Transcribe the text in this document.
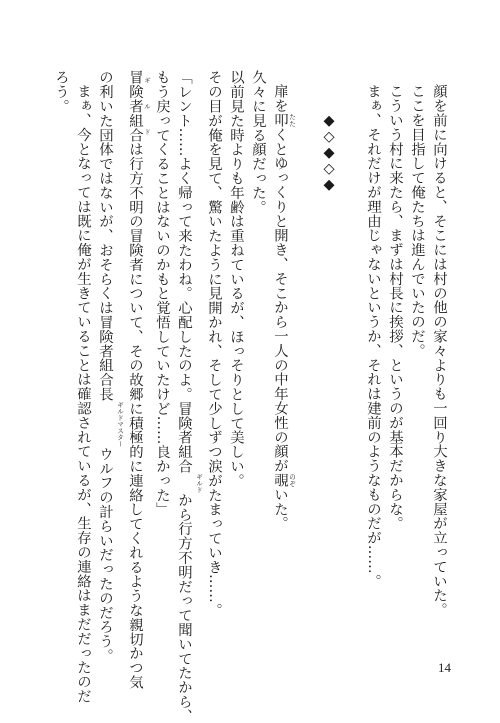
顔を前に向けると、そこには村の他の家々よりも一回り大きな家屋が立っていた。
ここを目指して俺たちは進んでいたのだ。
こういう村に来たら、まずは村長に挨拶、というのが基本だからな。
まぁ、それだけが理由じゃないというか、それは建前のようなものだが……。
◆◇◆◇◆
扉を叩 たたくとゆっくりと開き、そこから一人の中年女性の顔が覗 のぞいた。
久々に見る顔だった。
以前見た時よりも年齢は重ねているが、ほっそりとして美しい。
その目が俺を見て、驚いたように見開かれ、そして少しずつ涙がたまっていき……。
「レント……よく帰って来たわね。心配したのよ。冒険者組合ギルドから行方不明だって聞いてたから、
もう戻ってくることはないのかもと覚悟していたけど……良かった」
冒険者組合 ギルドは行方不明の冒険者について、その故郷に積極的に連絡してくれるような親切かつ気
の利いた団体ではないが、おそらくは冒険者組合長ギルドマスターウルフの計らいだったのだろう。
まぁ、今となっては既に俺が生きていることは確認されているが、生存の連絡はまだだったのだ
ろう。
14
